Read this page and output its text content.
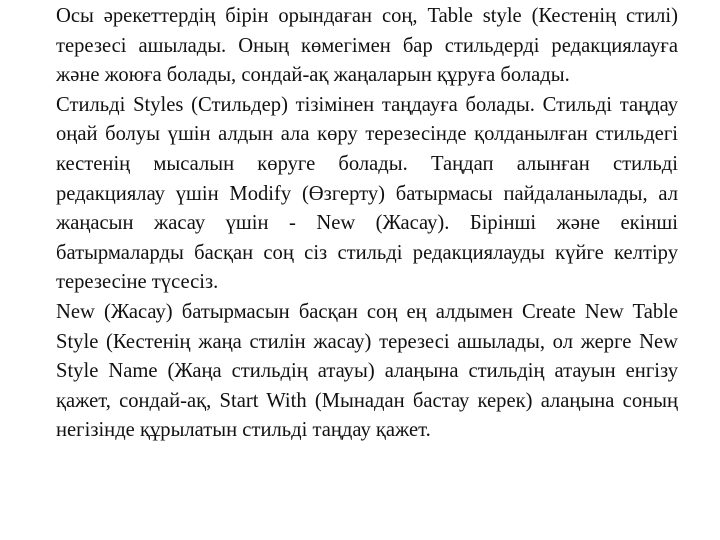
Осы әрекеттердің бірін орындаған соң, Table style (Кестенің стилі) терезесі ашылады. Оның көмегімен бар стильдерді редакциялауға және жоюға болады, сондай-ақ жаңаларын құруға болады.

Стильді Styles (Стильдер) тізімінен таңдауға болады. Стильді таңдау оңай болуы үшін алдын ала көру терезесінде қолданылған стильдегі кестенің мысалын көруге болады. Таңдап алынған стильді редакциялау үшін Modify (Өзгерту) батырмасы пайдаланылады, ал жаңасын жасау үшін - New (Жасау). Бірінші және екінші батырмаларды басқан соң сіз стильді редакциялауды күйге келтіру терезесіне түсесіз.

New (Жасау) батырмасын басқан соң ең алдымен Create New Table Style (Кестенің жаңа стилін жасау) терезесі ашылады, ол жерге New Style Name (Жаңа стильдің атауы) алаңына стильдің атауын енгізу қажет, сондай-ақ, Start With (Мынадан бастау керек) алаңына соның негізінде құрылатын стильді таңдау қажет.
